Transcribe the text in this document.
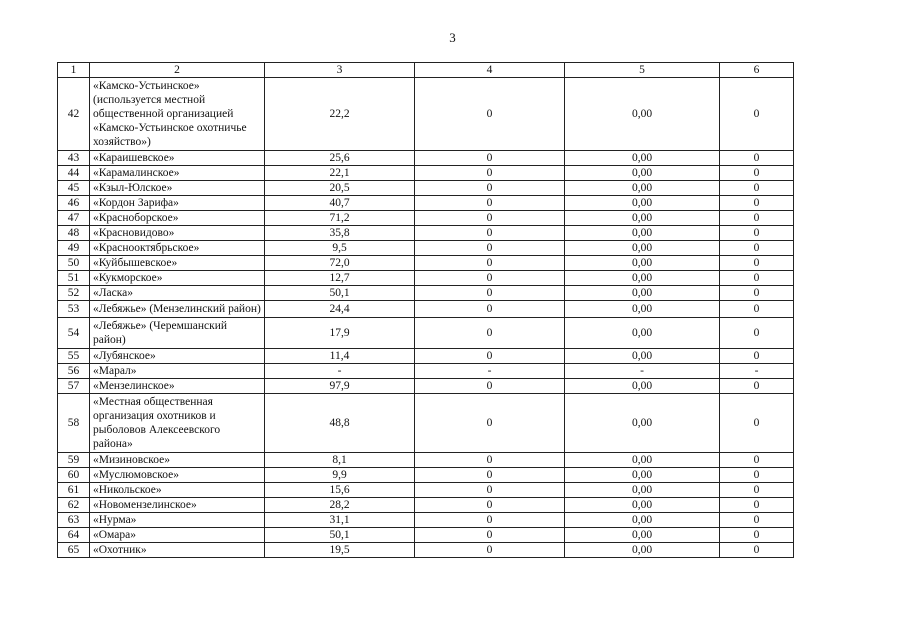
3
1	2	3	4	5	6
42	«Камско-Устьинское» (используется местной общественной организацией «Камско-Устьинское охотничье хозяйство»)	22,2	0	0,00	0
43	«Караишевское»	25,6	0	0,00	0
44	«Карамалинское»	22,1	0	0,00	0
45	«Кзыл-Юлское»	20,5	0	0,00	0
46	«Кордон Зарифа»	40,7	0	0,00	0
47	«Красноборское»	71,2	0	0,00	0
48	«Красновидово»	35,8	0	0,00	0
49	«Краснооктябрьское»	9,5	0	0,00	0
50	«Куйбышевское»	72,0	0	0,00	0
51	«Кукморское»	12,7	0	0,00	0
52	«Ласка»	50,1	0	0,00	0
53	«Лебяжье» (Мензелинский район)	24,4	0	0,00	0
54	«Лебяжье» (Черемшанский район)	17,9	0	0,00	0
55	«Лубянское»	11,4	0	0,00	0
56	«Марал»	-	-	-	-
57	«Мензелинское»	97,9	0	0,00	0
58	«Местная общественная организация охотников и рыболовов Алексеевского района»	48,8	0	0,00	0
59	«Мизиновское»	8,1	0	0,00	0
60	«Муслюмовское»	9,9	0	0,00	0
61	«Никольское»	15,6	0	0,00	0
62	«Новомензелинское»	28,2	0	0,00	0
63	«Нурма»	31,1	0	0,00	0
64	«Омара»	50,1	0	0,00	0
65	«Охотник»	19,5	0	0,00	0
